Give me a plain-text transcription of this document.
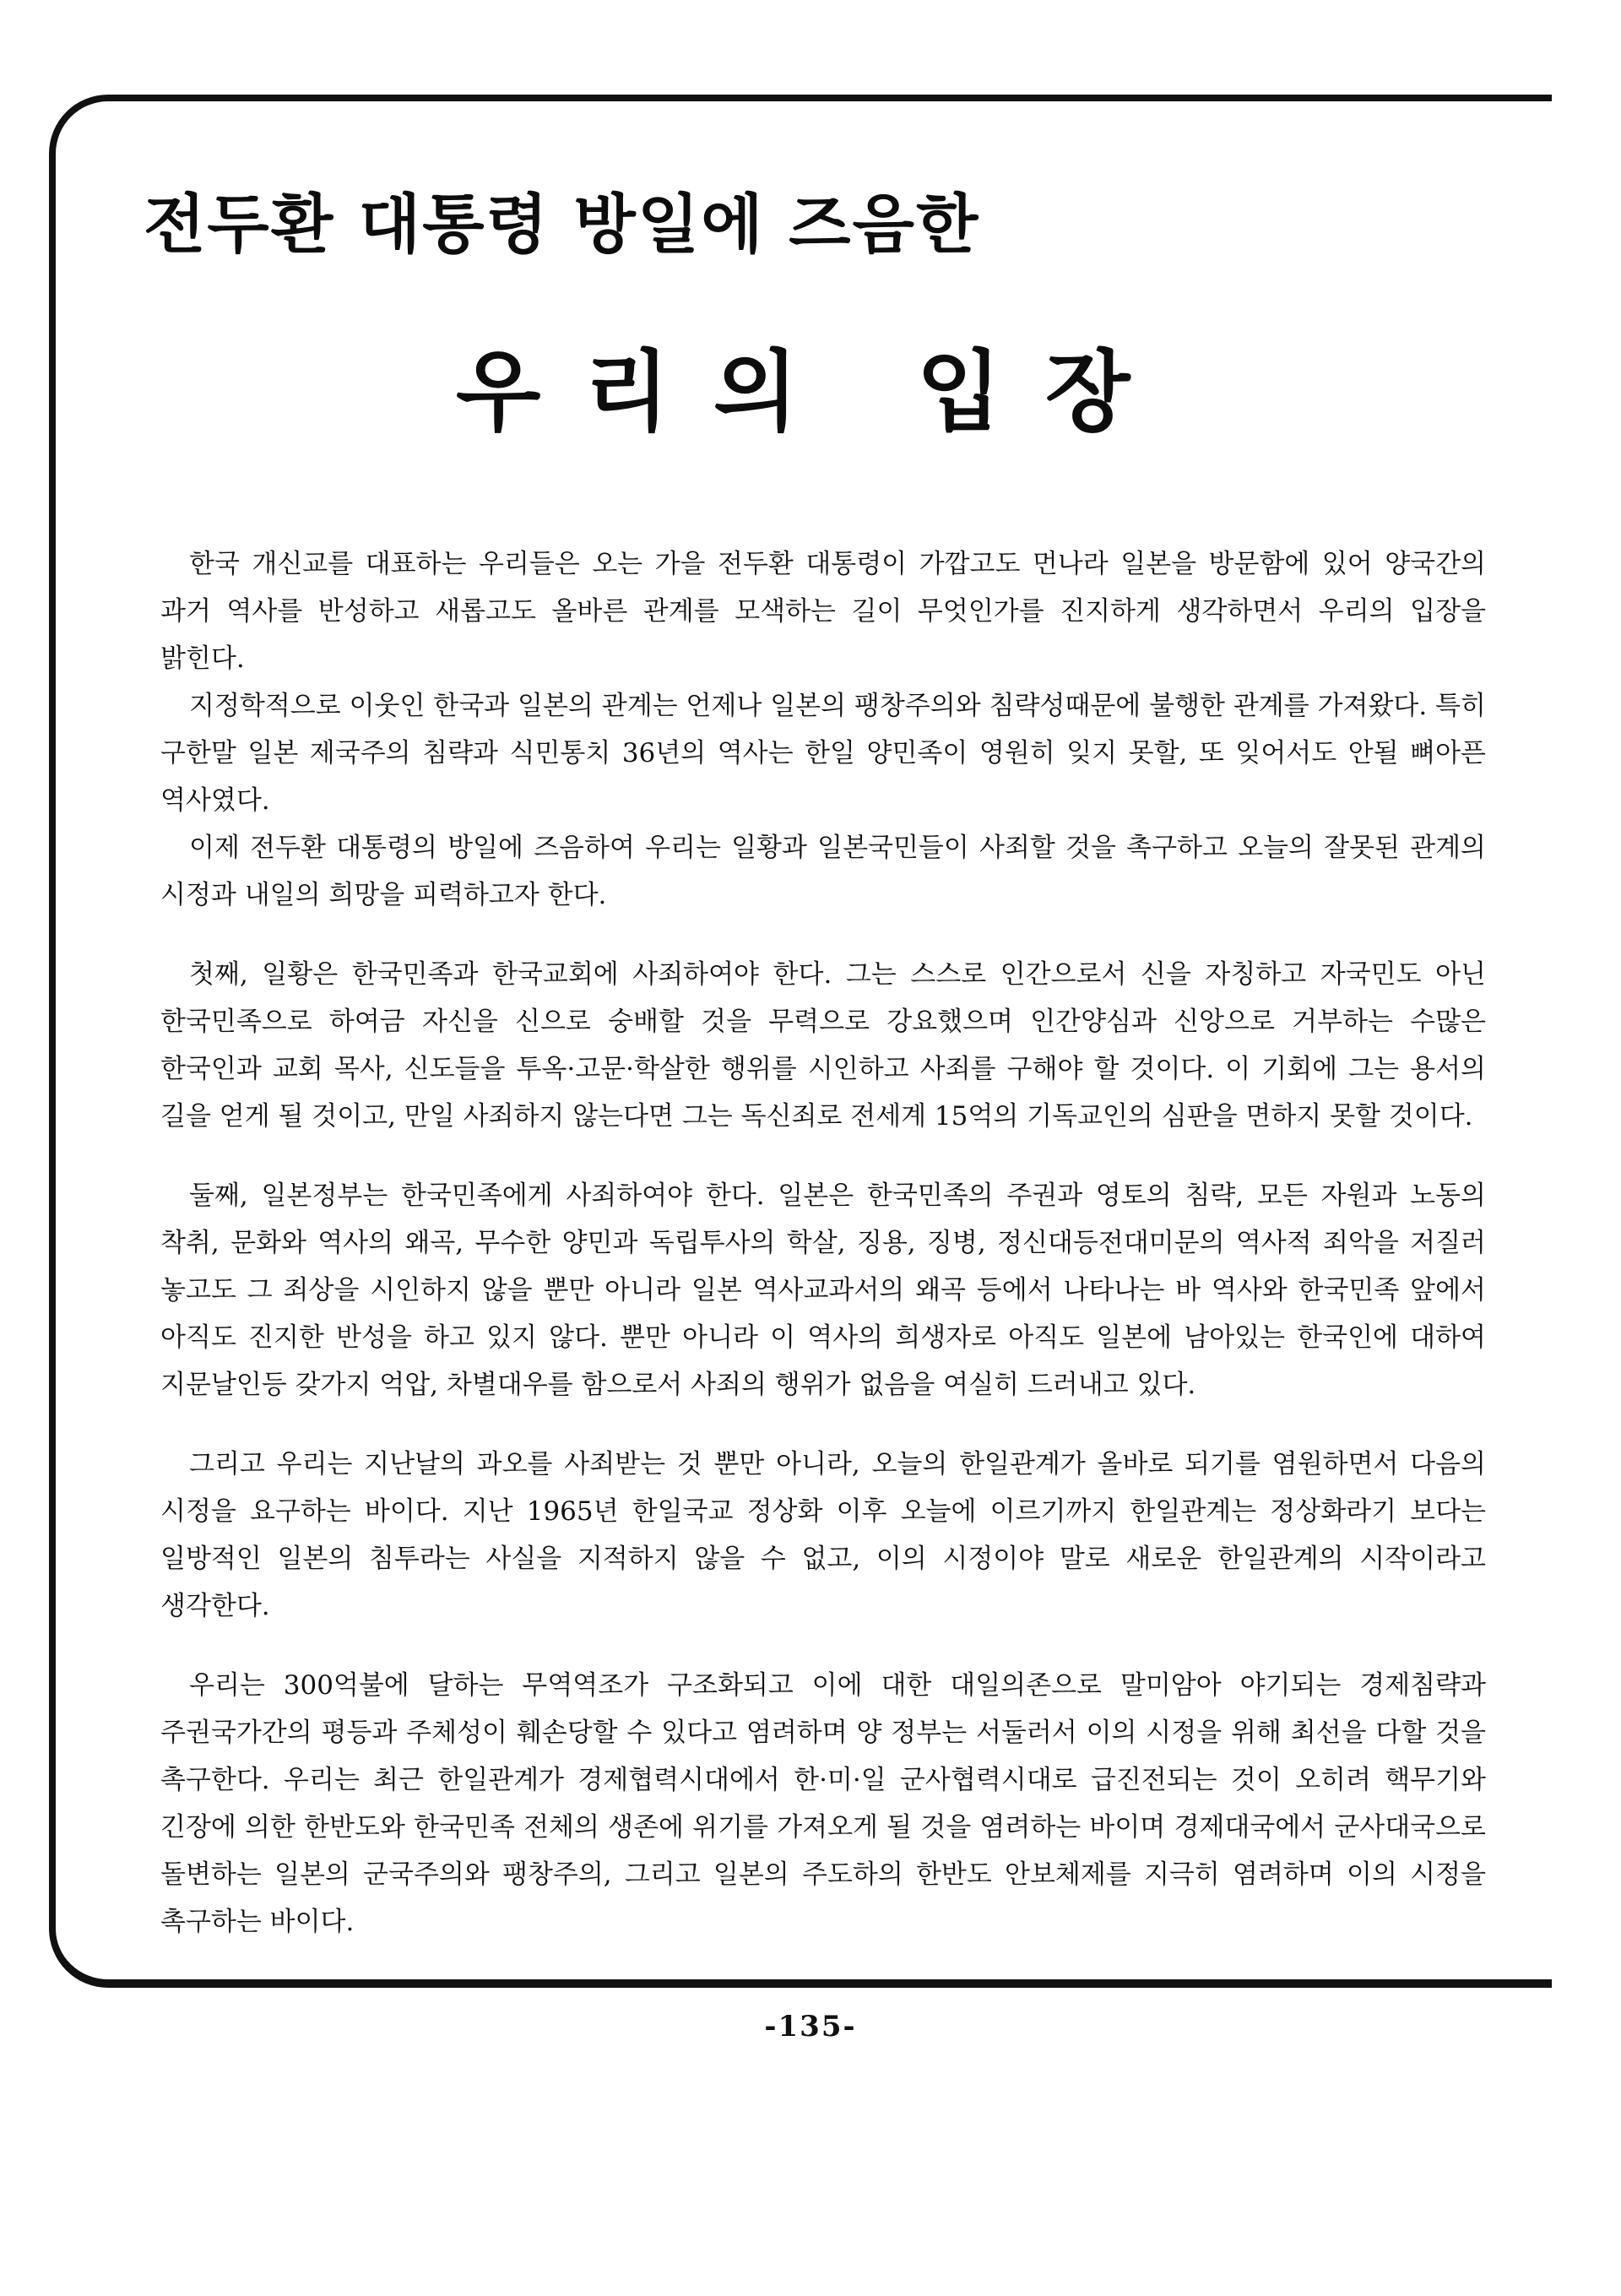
전두환 대통령 방일에 즈음한
우리의 입장

한국 개신교를 대표하는 우리들은 오는 가을 전두환 대통령이 가깝고도 먼나라 일본을 방문함에 있어 양국간의 과거 역사를 반성하고 새롭고도 올바른 관계를 모색하는 길이 무엇인가를 진지하게 생각하면서 우리의 입장을 밝힌다.

지정학적으로 이웃인 한국과 일본의 관계는 언제나 일본의 팽창주의와 침략성때문에 불행한 관계를 가져왔다. 특히 구한말 일본 제국주의 침략과 식민통치 36년의 역사는 한일 양민족이 영원히 잊지 못할, 또 잊어서도 안될 뼈아픈 역사였다.

이제 전두환 대통령의 방일에 즈음하여 우리는 일황과 일본국민들이 사죄할 것을 촉구하고 오늘의 잘못된 관계의 시정과 내일의 희망을 피력하고자 한다.

첫째, 일황은 한국민족과 한국교회에 사죄하여야 한다. 그는 스스로 인간으로서 신을 자칭하고 자국민도 아닌 한국민족으로 하여금 자신을 신으로 숭배할 것을 무력으로 강요했으며 인간양심과 신앙으로 거부하는 수많은 한국인과 교회 목사, 신도들을 투옥·고문·학살한 행위를 시인하고 사죄를 구해야 할 것이다. 이 기회에 그는 용서의 길을 얻게 될 것이고, 만일 사죄하지 않는다면 그는 독신죄로 전세계 15억의 기독교인의 심판을 면하지 못할 것이다.

둘째, 일본정부는 한국민족에게 사죄하여야 한다. 일본은 한국민족의 주권과 영토의 침략, 모든 자원과 노동의 착취, 문화와 역사의 왜곡, 무수한 양민과 독립투사의 학살, 징용, 징병, 정신대등전대미문의 역사적 죄악을 저질러 놓고도 그 죄상을 시인하지 않을 뿐만 아니라 일본 역사교과서의 왜곡 등에서 나타나는 바 역사와 한국민족 앞에서 아직도 진지한 반성을 하고 있지 않다. 뿐만 아니라 이 역사의 희생자로 아직도 일본에 남아있는 한국인에 대하여 지문날인등 갖가지 억압, 차별대우를 함으로서 사죄의 행위가 없음을 여실히 드러내고 있다.

그리고 우리는 지난날의 과오를 사죄받는 것 뿐만 아니라, 오늘의 한일관계가 올바로 되기를 염원하면서 다음의 시정을 요구하는 바이다. 지난 1965년 한일국교 정상화 이후 오늘에 이르기까지 한일관계는 정상화라기 보다는 일방적인 일본의 침투라는 사실을 지적하지 않을 수 없고, 이의 시정이야 말로 새로운 한일관계의 시작이라고 생각한다.

우리는 300억불에 달하는 무역역조가 구조화되고 이에 대한 대일의존으로 말미암아 야기되는 경제침략과 주권국가간의 평등과 주체성이 훼손당할 수 있다고 염려하며 양 정부는 서둘러서 이의 시정을 위해 최선을 다할 것을 촉구한다. 우리는 최근 한일관계가 경제협력시대에서 한·미·일 군사협력시대로 급진전되는 것이 오히려 핵무기와 긴장에 의한 한반도와 한국민족 전체의 생존에 위기를 가져오게 될 것을 염려하는 바이며 경제대국에서 군사대국으로 돌변하는 일본의 군국주의와 팽창주의, 그리고 일본의 주도하의 한반도 안보체제를 지극히 염려하며 이의 시정을 촉구하는 바이다.

-135-
